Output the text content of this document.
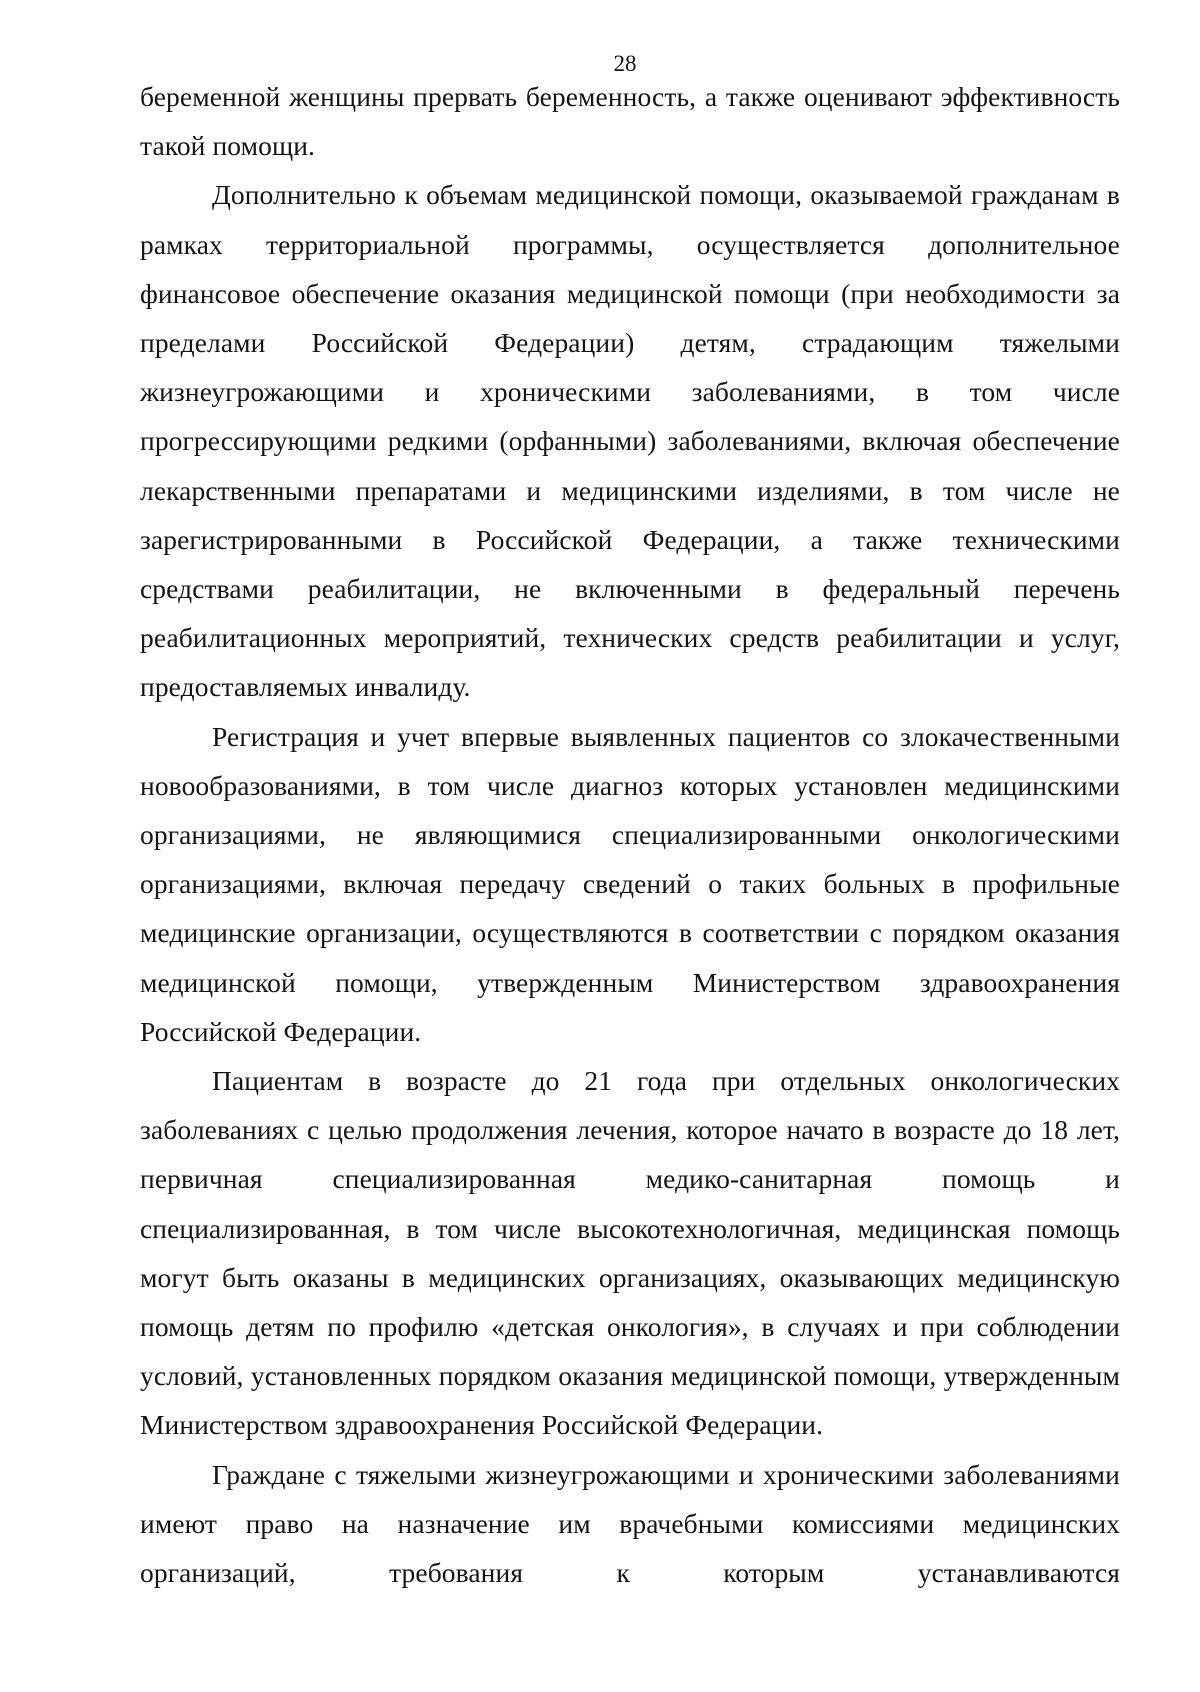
28

беременной женщины прервать беременность, а также оценивают эффективность такой помощи.

Дополнительно к объемам медицинской помощи, оказываемой гражданам в рамках территориальной программы, осуществляется дополнительное финансовое обеспечение оказания медицинской помощи (при необходимости за пределами Российской Федерации) детям, страдающим тяжелыми жизнеугрожающими и хроническими заболеваниями, в том числе прогрессирующими редкими (орфанными) заболеваниями, включая обеспечение лекарственными препаратами и медицинскими изделиями, в том числе не зарегистрированными в Российской Федерации, а также техническими средствами реабилитации, не включенными в федеральный перечень реабилитационных мероприятий, технических средств реабилитации и услуг, предоставляемых инвалиду.

Регистрация и учет впервые выявленных пациентов со злокачественными новообразованиями, в том числе диагноз которых установлен медицинскими организациями, не являющимися специализированными онкологическими организациями, включая передачу сведений о таких больных в профильные медицинские организации, осуществляются в соответствии с порядком оказания медицинской помощи, утвержденным Министерством здравоохранения Российской Федерации.

Пациентам в возрасте до 21 года при отдельных онкологических заболеваниях с целью продолжения лечения, которое начато в возрасте до 18 лет, первичная специализированная медико-санитарная помощь и специализированная, в том числе высокотехнологичная, медицинская помощь могут быть оказаны в медицинских организациях, оказывающих медицинскую помощь детям по профилю «детская онкология», в случаях и при соблюдении условий, установленных порядком оказания медицинской помощи, утвержденным Министерством здравоохранения Российской Федерации.

Граждане с тяжелыми жизнеугрожающими и хроническими заболеваниями имеют право на назначение им врачебными комиссиями медицинских организаций, требования к которым устанавливаются
